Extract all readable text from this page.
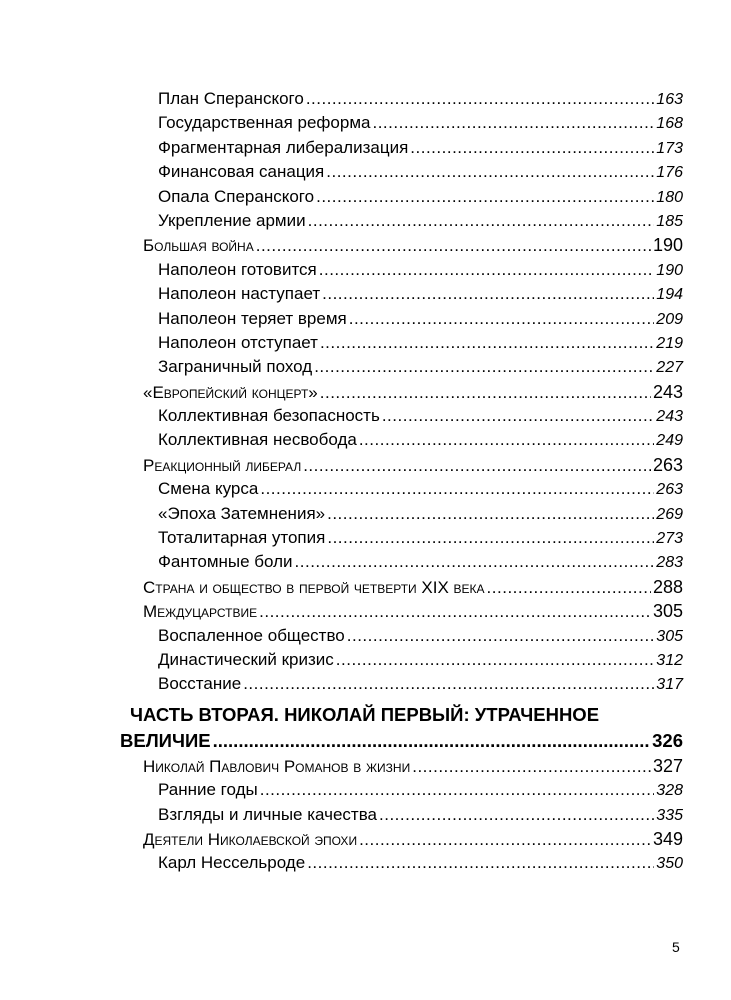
План Сперанского .....	163
Государственная реформа .....	168
Фрагментарная либерализация .....	173
Финансовая санация .....	176
Опала Сперанского .....	180
Укрепление армии .....	185
Большая война .....	190
Наполеон готовится .....	190
Наполеон наступает .....	194
Наполеон теряет время .....	209
Наполеон отступает .....	219
Заграничный поход .....	227
«Европейский концерт» .....	243
Коллективная безопасность .....	243
Коллективная несвобода .....	249
Реакционный либерал .....	263
Смена курса .....	263
«Эпоха Затемнения» .....	269
Тоталитарная утопия .....	273
Фантомные боли .....	283
Страна и общество в первой четверти XIX века .....	288
Междуцарствие .....	305
Воспаленное общество .....	305
Династический кризис .....	312
Восстание .....	317
ЧАСТЬ ВТОРАЯ. НИКОЛАЙ ПЕРВЫЙ: УТРАЧЕННОЕ
ВЕЛИЧИЕ .....	326
Николай Павлович Романов в жизни .....	327
Ранние годы .....	328
Взгляды и личные качества .....	335
Деятели Николаевской эпохи .....	349
Карл Нессельроде .....	350
5
